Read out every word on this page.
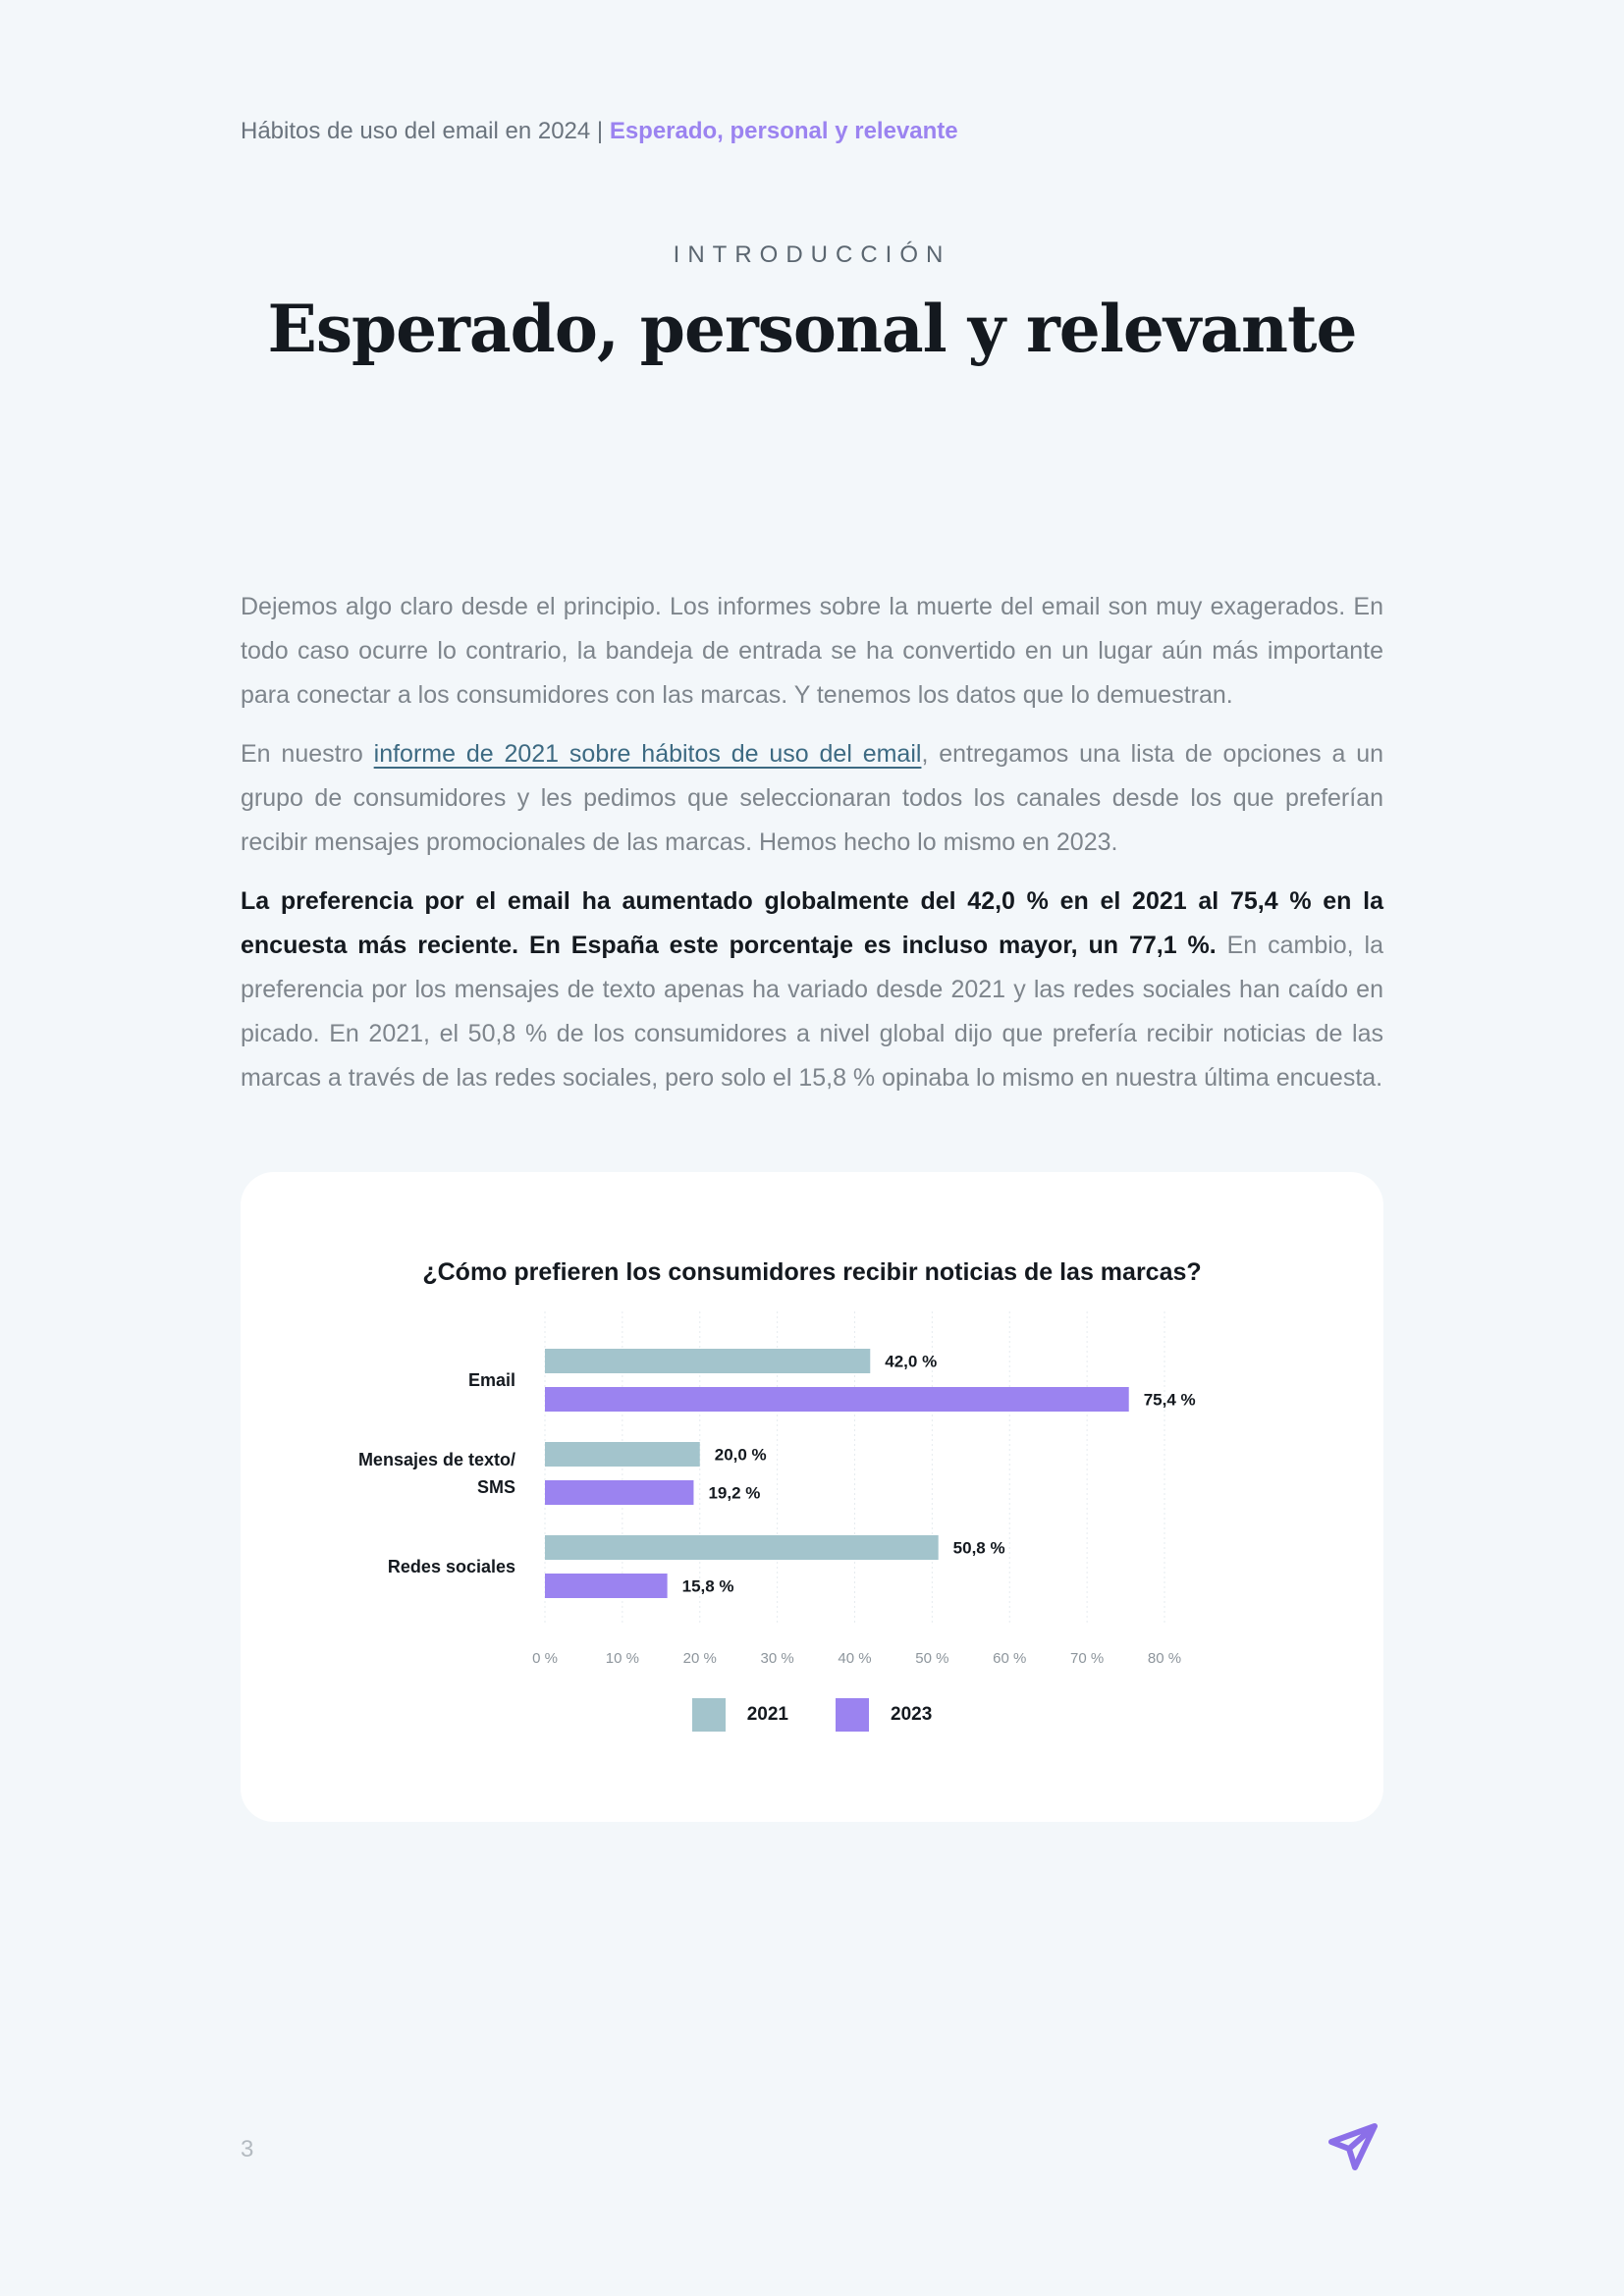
Hábitos de uso del email en 2024 | Esperado, personal y relevante
INTRODUCCIÓN
Esperado, personal y relevante

Dejemos algo claro desde el principio. Los informes sobre la muerte del email son muy exagerados. En todo caso ocurre lo contrario, la bandeja de entrada se ha convertido en un lugar aún más importante para conectar a los consumidores con las marcas. Y tenemos los datos que lo demuestran.

En nuestro informe de 2021 sobre hábitos de uso del email, entregamos una lista de opciones a un grupo de consumidores y les pedimos que seleccionaran todos los canales desde los que preferían recibir mensajes promocionales de las marcas. Hemos hecho lo mismo en 2023.

La preferencia por el email ha aumentado globalmente del 42,0 % en el 2021 al 75,4 % en la encuesta más reciente. En España este porcentaje es incluso mayor, un 77,1 %. En cambio, la preferencia por los mensajes de texto apenas ha variado desde 2021 y las redes sociales han caído en picado. En 2021, el 50,8 % de los consumidores a nivel global dijo que prefería recibir noticias de las marcas a través de las redes sociales, pero solo el 15,8 % opinaba lo mismo en nuestra última encuesta.

¿Cómo prefieren los consumidores recibir noticias de las marcas?
0 %	10 %	20 %	30 %	40 %	50 %	60 %	70 %	80 %
Email
42,0 %
75,4 %
Mensajes de texto/ SMS
20,0 %
19,2 %
Redes sociales
50,8 %
15,8 %
2021	2023
3
